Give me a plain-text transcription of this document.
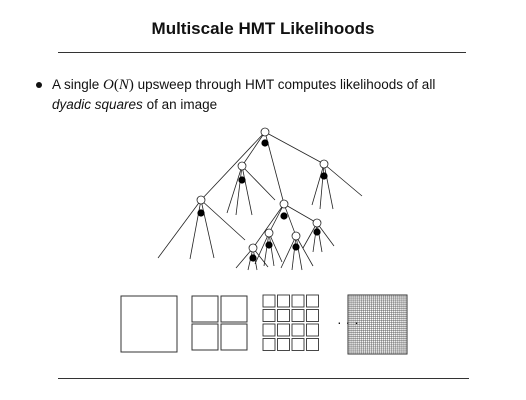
Multiscale HMT Likelihoods
A single O(N) upsweep through HMT computes likelihoods of all
dyadic squares of an image
· · ·
